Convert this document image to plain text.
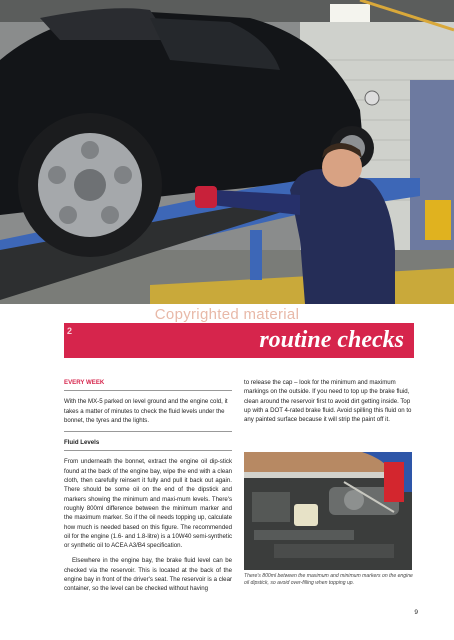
Copyrighted material
2	routine checks

EVERY WEEK

With the MX-5 parked on level ground and the engine cold, it takes a matter of minutes to check the fluid levels under the bonnet, the tyres and the lights.

Fluid Levels

From underneath the bonnet, extract the engine oil dip-stick found at the back of the engine bay, wipe the end with a clean cloth, then carefully reinsert it fully and pull it back out again. There should be some oil on the end of the dipstick and markers showing the minimum and maxi-mum levels. There's roughly 800ml difference between the minimum marker and the maximum marker. So if the oil needs topping up, calculate how much is needed based on this figure. The recommended oil for the engine (1.6- and 1.8-litre) is a 10W40 semi-synthetic or synthetic oil to ACEA A3/B4 specification.

Elsewhere in the engine bay, the brake fluid level can be checked via the reservoir. This is located at the back of the engine bay in front of the driver's seat. The reservoir is a clear container, so the level can be checked without having

to release the cap – look for the minimum and maximum markings on the outside. If you need to top up the brake fluid, clean around the reservoir first to avoid dirt getting inside. Top up with a DOT 4-rated brake fluid. Avoid spilling this fluid on to any painted surface because it will strip the paint off it.

There's 800ml between the maximum and minimum markers on the engine oil dipstick, so avoid over-filling when topping up.
9
